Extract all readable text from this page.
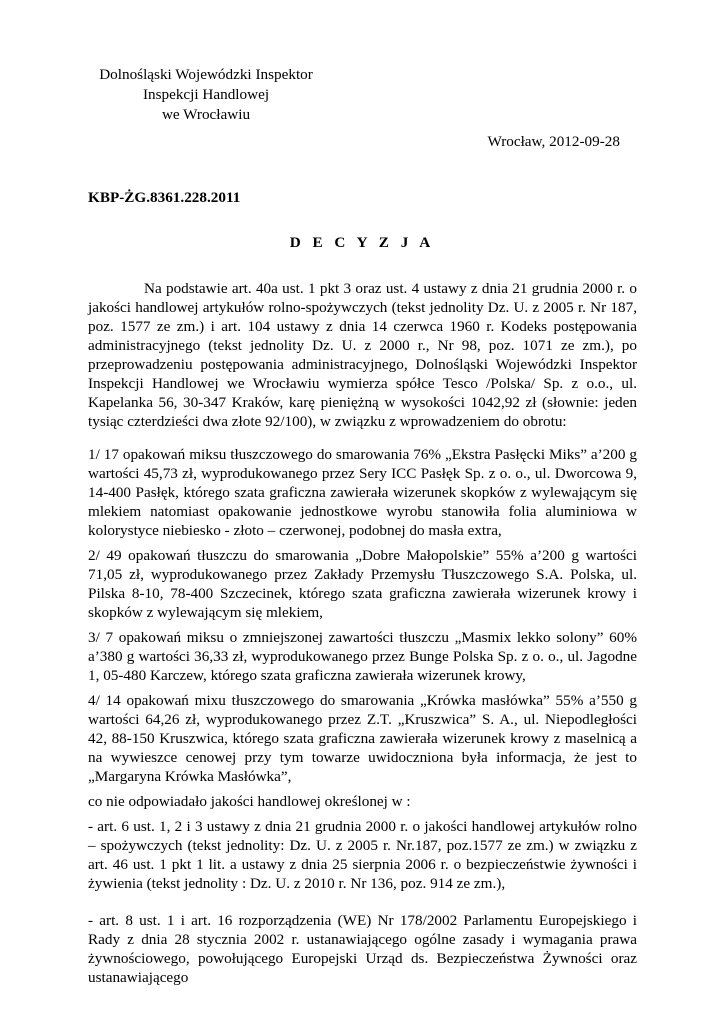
Dolnośląski Wojewódzki Inspektor
Inspekcji Handlowej
we Wrocławiu
Wrocław, 2012-09-28
KBP-ŻG.8361.228.2011
D E C Y Z J A

Na podstawie art. 40a ust. 1 pkt 3 oraz ust. 4 ustawy z dnia 21 grudnia 2000 r. o jakości handlowej artykułów rolno-spożywczych (tekst jednolity Dz. U. z 2005 r. Nr 187, poz. 1577 ze zm.) i art. 104 ustawy z dnia 14 czerwca 1960 r. Kodeks postępowania administracyjnego (tekst jednolity Dz. U. z 2000 r., Nr 98, poz. 1071 ze zm.), po przeprowadzeniu postępowania administracyjnego, Dolnośląski Wojewódzki Inspektor Inspekcji Handlowej we Wrocławiu wymierza spółce Tesco /Polska/ Sp. z o.o., ul. Kapelanka 56, 30-347 Kraków, karę pieniężną w wysokości 1042,92 zł (słownie: jeden tysiąc czterdzieści dwa złote 92/100), w związku z wprowadzeniem do obrotu:

1/ 17 opakowań miksu tłuszczowego do smarowania 76% „Ekstra Pasłęcki Miks” a’200 g wartości 45,73 zł, wyprodukowanego przez Sery ICC Pasłęk Sp. z o. o., ul. Dworcowa 9, 14-400 Pasłęk, którego szata graficzna zawierała wizerunek skopków z wylewającym się mlekiem natomiast opakowanie jednostkowe wyrobu stanowiła folia aluminiowa w kolorystyce niebiesko - złoto – czerwonej, podobnej do masła extra,

2/ 49 opakowań tłuszczu do smarowania „Dobre Małopolskie” 55% a’200 g wartości 71,05 zł, wyprodukowanego przez Zakłady Przemysłu Tłuszczowego S.A. Polska, ul. Pilska 8-10, 78-400 Szczecinek, którego szata graficzna zawierała wizerunek krowy i skopków z wylewającym się mlekiem,

3/ 7 opakowań miksu o zmniejszonej zawartości tłuszczu „Masmix lekko solony” 60% a’380 g wartości 36,33 zł, wyprodukowanego przez Bunge Polska Sp. z o. o., ul. Jagodne 1, 05-480 Karczew, którego szata graficzna zawierała wizerunek krowy,

4/ 14 opakowań mixu tłuszczowego do smarowania „Krówka masłówka” 55% a’550 g wartości 64,26 zł, wyprodukowanego przez Z.T. „Kruszwica” S. A., ul. Niepodległości 42, 88-150 Kruszwica, którego szata graficzna zawierała wizerunek krowy z maselnicą a na wywieszce cenowej przy tym towarze uwidoczniona była informacja, że jest to „Margaryna Krówka Masłówka”,

co nie odpowiadało jakości handlowej określonej w :

- art. 6 ust. 1, 2 i 3 ustawy z dnia 21 grudnia 2000 r. o jakości handlowej artykułów rolno – spożywczych (tekst jednolity: Dz. U. z 2005 r. Nr.187, poz.1577 ze zm.) w związku z art. 46 ust. 1 pkt 1 lit. a ustawy z dnia 25 sierpnia 2006 r. o bezpieczeństwie żywności i żywienia (tekst jednolity : Dz. U. z 2010 r. Nr 136, poz. 914 ze zm.),

- art. 8 ust. 1 i art. 16 rozporządzenia (WE) Nr 178/2002 Parlamentu Europejskiego i Rady z dnia 28 stycznia 2002 r. ustanawiającego ogólne zasady i wymagania prawa żywnościowego, powołującego Europejski Urząd ds. Bezpieczeństwa Żywności oraz ustanawiającego
